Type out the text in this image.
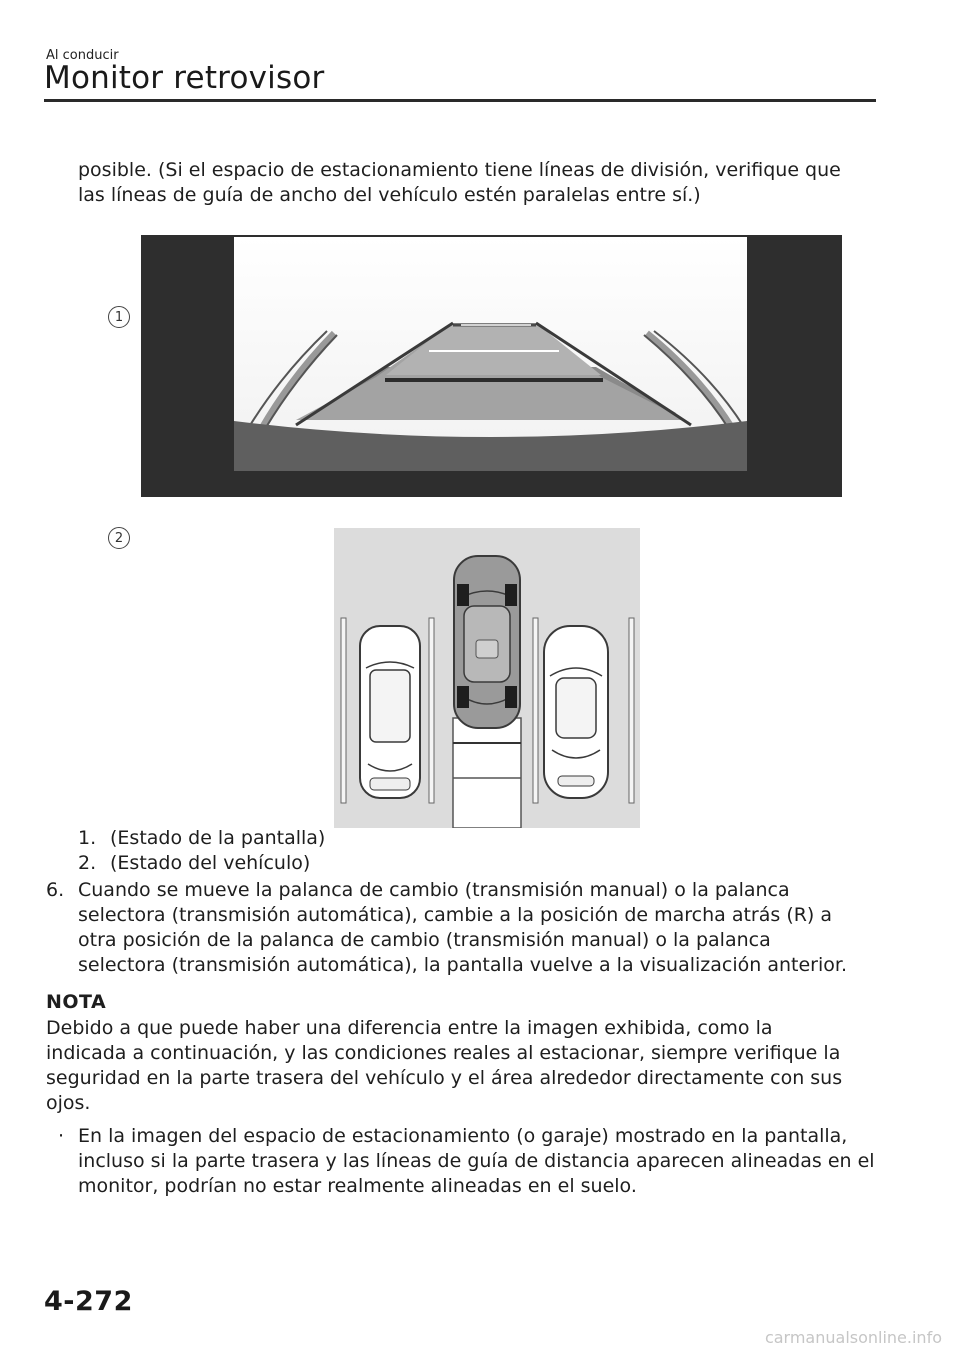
Al conducir
Monitor retrovisor

posible. (Si el espacio de estacionamiento tiene líneas de división, verifique que

las líneas de guía de ancho del vehículo estén paralelas entre sí.)

1
2
1. (Estado de la pantalla)
2. (Estado del vehículo)
6. Cuando se mueve la palanca de cambio (transmisión manual) o la palanca
selectora (transmisión automática), cambie a la posición de marcha atrás (R) a
otra posición de la palanca de cambio (transmisión manual) o la palanca
selectora (transmisión automática), la pantalla vuelve a la visualización anterior.
NOTA
Debido a que puede haber una diferencia entre la imagen exhibida, como la
indicada a continuación, y las condiciones reales al estacionar, siempre verifique la
seguridad en la parte trasera del vehículo y el área alrededor directamente con sus
ojos.
· En la imagen del espacio de estacionamiento (o garaje) mostrado en la pantalla,
incluso si la parte trasera y las líneas de guía de distancia aparecen alineadas en el
monitor, podrían no estar realmente alineadas en el suelo.
4-272
carmanualsonline.info
